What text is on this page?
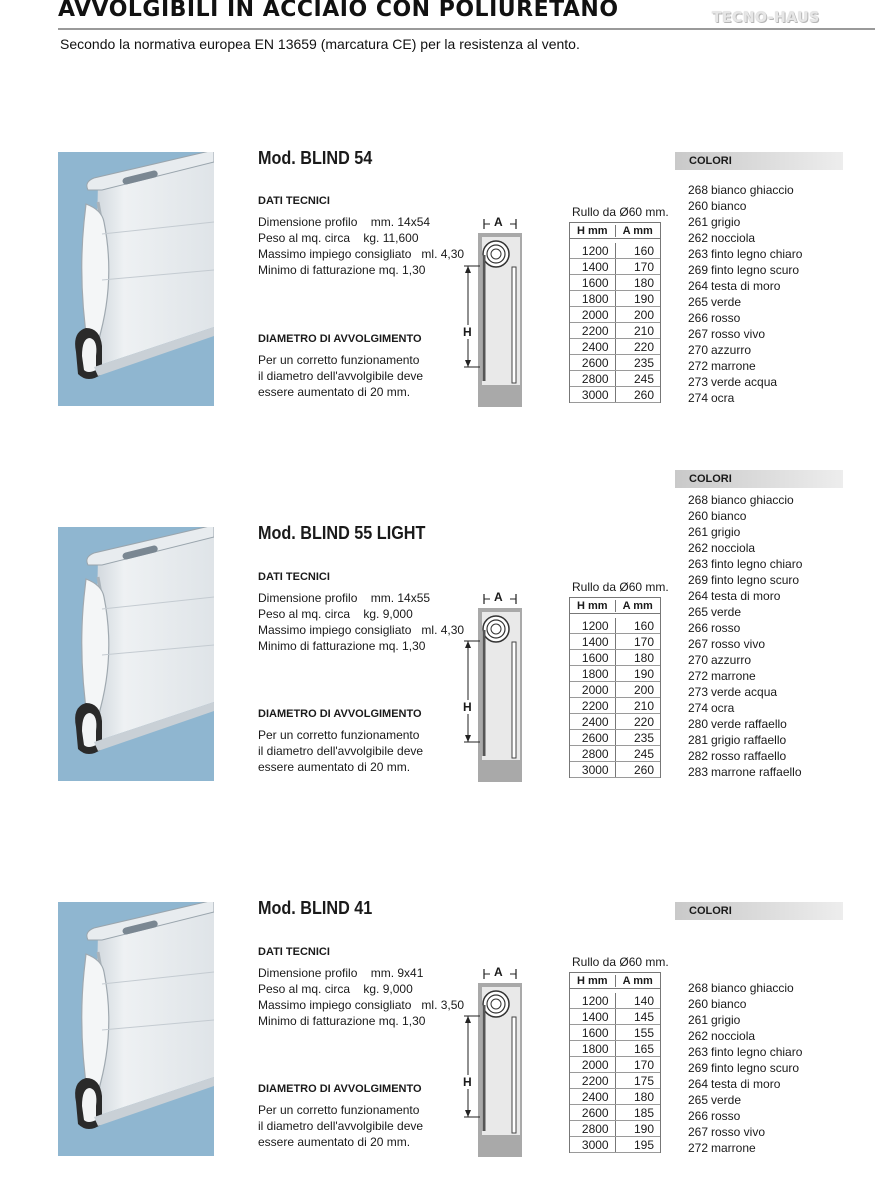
AVVOLGIBILI IN ACCIAIO CON POLIURETANO	TECNO-HAUS
Secondo la normativa europea EN 13659 (marcatura CE) per la resistenza al vento.
Mod. BLIND 54
DATI TECNICI
Dimensione profilo    mm. 14x54
Peso al mq. circa    kg. 11,600
Massimo impiego consigliato   ml. 4,30
Minimo di fatturazione mq. 1,30
DIAMETRO DI AVVOLGIMENTO
Per un corretto funzionamento
il diametro dell'avvolgibile deve
essere aumentato di 20 mm.
A
H
Rullo da Ø60 mm.
H mm	A mm
1200	160
1400	170
1600	180
1800	190
2000	200
2200	210
2400	220
2600	235
2800	245
3000	260
COLORI
268 bianco ghiaccio
260 bianco
261 grigio
262 nocciola
263 finto legno chiaro
269 finto legno scuro
264 testa di moro
265 verde
266 rosso
267 rosso vivo
270 azzurro
272 marrone
273 verde acqua
274 ocra
Mod. BLIND 55 LIGHT
DATI TECNICI
Dimensione profilo    mm. 14x55
Peso al mq. circa    kg. 9,000
Massimo impiego consigliato   ml. 4,30
Minimo di fatturazione mq. 1,30
DIAMETRO DI AVVOLGIMENTO
Per un corretto funzionamento
il diametro dell'avvolgibile deve
essere aumentato di 20 mm.
A
H
Rullo da Ø60 mm.
H mm	A mm
1200	160
1400	170
1600	180
1800	190
2000	200
2200	210
2400	220
2600	235
2800	245
3000	260
COLORI
268 bianco ghiaccio
260 bianco
261 grigio
262 nocciola
263 finto legno chiaro
269 finto legno scuro
264 testa di moro
265 verde
266 rosso
267 rosso vivo
270 azzurro
272 marrone
273 verde acqua
274 ocra
280 verde raffaello
281 grigio raffaello
282 rosso raffaello
283 marrone raffaello
Mod. BLIND 41
DATI TECNICI
Dimensione profilo    mm. 9x41
Peso al mq. circa    kg. 9,000
Massimo impiego consigliato   ml. 3,50
Minimo di fatturazione mq. 1,30
DIAMETRO DI AVVOLGIMENTO
Per un corretto funzionamento
il diametro dell'avvolgibile deve
essere aumentato di 20 mm.
A
H
Rullo da Ø60 mm.
H mm	A mm
1200	140
1400	145
1600	155
1800	165
2000	170
2200	175
2400	180
2600	185
2800	190
3000	195
COLORI
268 bianco ghiaccio
260 bianco
261 grigio
262 nocciola
263 finto legno chiaro
269 finto legno scuro
264 testa di moro
265 verde
266 rosso
267 rosso vivo
272 marrone
